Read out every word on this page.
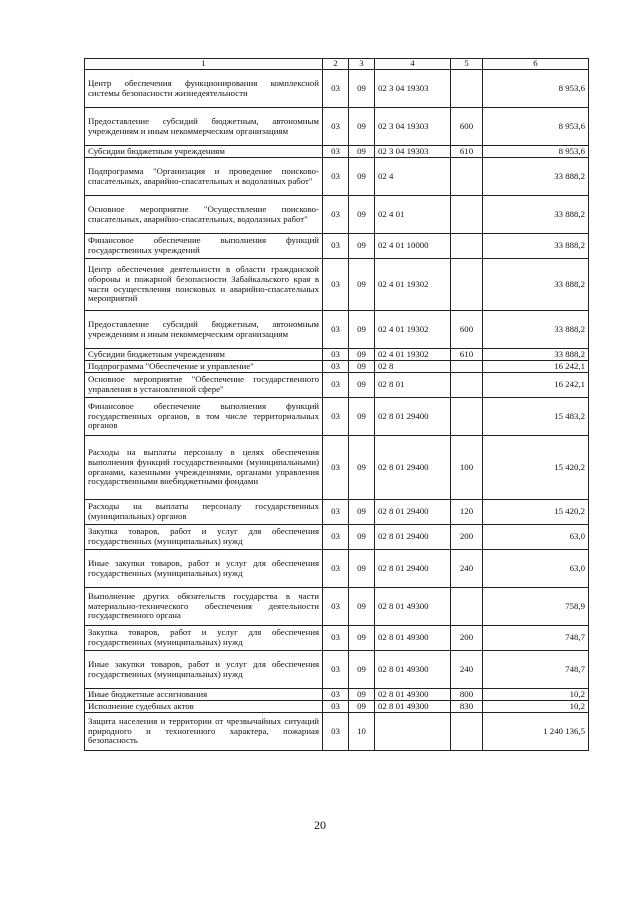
1	2	3	4	5	6
Центр обеспечения функционирования комплексной системы безопасности жизнедеятельности	03	09	02 3 04 19303		8 953,6
Предоставление субсидий бюджетным, автономным учреждениям и иным некоммерческим организациям	03	09	02 3 04 19303	600	8 953,6
Субсидии бюджетным учреждениям	03	09	02 3 04 19303	610	8 953,6
Подпрограмма "Организация и проведение поисково-спасательных, аварийно-спасательных и водолазных работ"	03	09	02 4		33 888,2
Основное мероприятие "Осуществление поисково-спасательных, аварийно-спасательных, водолазных работ"	03	09	02 4 01		33 888,2
Финансовое обеспечение выполнения функций государственных учреждений	03	09	02 4 01 10000		33 888,2
Центр обеспечения деятельности в области гражданской обороны и пожарной безопасности Забайкальского края в части осуществления поисковых и аварийно-спасательных мероприятий	03	09	02 4 01 19302		33 888,2
Предоставление субсидий бюджетным, автономным учреждениям и иным некоммерческим организациям	03	09	02 4 01 19302	600	33 888,2
Субсидии бюджетным учреждениям	03	09	02 4 01 19302	610	33 888,2
Подпрограмма "Обеспечение и управление"	03	09	02 8		16 242,1
Основное мероприятие "Обеспечение государственного управления в установленной сфере"	03	09	02 8 01		16 242,1
Финансовое обеспечение выполнения функций государственных органов, в том числе территориальных органов	03	09	02 8 01 29400		15 483,2
Расходы на выплаты персоналу в целях обеспечения выполнения функций государственными (муниципальными) органами, казенными учреждениями, органами управления государственными внебюджетными фондами	03	09	02 8 01 29400	100	15 420,2
Расходы на выплаты персоналу государственных (муниципальных) органов	03	09	02 8 01 29400	120	15 420,2
Закупка товаров, работ и услуг для обеспечения государственных (муниципальных) нужд	03	09	02 8 01 29400	200	63,0
Иные закупки товаров, работ и услуг для обеспечения государственных (муниципальных) нужд	03	09	02 8 01 29400	240	63,0
Выполнение других обязательств государства в части материально-технического обеспечения деятельности государственного органа	03	09	02 8 01 49300		758,9
Закупка товаров, работ и услуг для обеспечения государственных (муниципальных) нужд	03	09	02 8 01 49300	200	748,7
Иные закупки товаров, работ и услуг для обеспечения государственных (муниципальных) нужд	03	09	02 8 01 49300	240	748,7
Иные бюджетные ассигнования	03	09	02 8 01 49300	800	10,2
Исполнение судебных актов	03	09	02 8 01 49300	830	10,2
Защита населения и территории от чрезвычайных ситуаций природного и техногенного характера, пожарная безопасность	03	10			1 240 136,5
20
